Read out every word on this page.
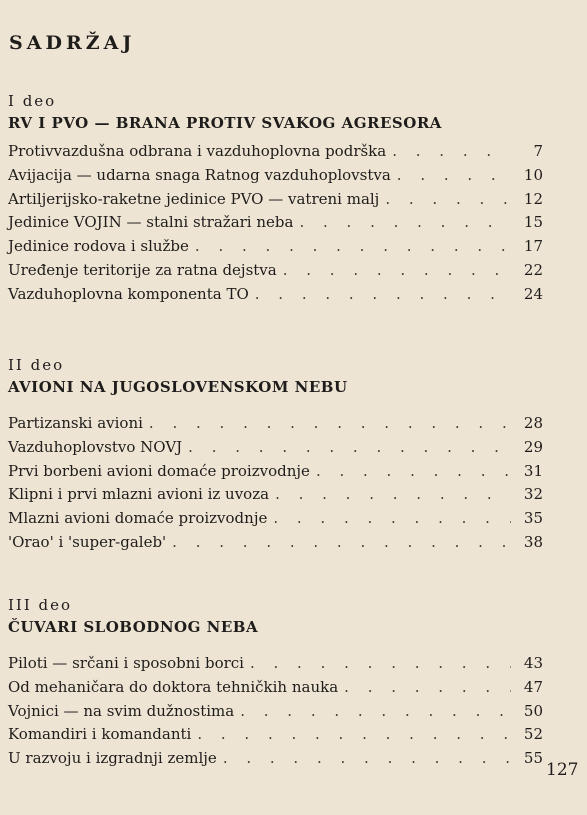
SADRŽAJ
I deo
RV I PVO — BRANA PROTIV SVAKOG AGRESORA
Protivvazdušna odbrana i vazduhoplovna podrška . . .	7
Avijacija — udarna snaga Ratnog vazduhoplovstva . . .	10
Artiljerijsko-raketne jedinice PVO — vatreni malj . . .	12
Jedinice VOJIN — stalni stražari neba . . .	15
Jedinice rodova i službe . . .	17
Uređenje teritorije za ratna dejstva . . .	22
Vazduhoplovna komponenta TO . . .	24
II deo
AVIONI NA JUGOSLOVENSKOM NEBU
Partizanski avioni . . .	28
Vazduhoplovstvo NOVJ . . .	29
Prvi borbeni avioni domaće proizvodnje . . .	31
Klipni i prvi mlazni avioni iz uvoza . . .	32
Mlazni avioni domaće proizvodnje . . .	35
'Orao' i 'super-galeb' . . .	38
III deo
ČUVARI SLOBODNOG NEBA
Piloti — srčani i sposobni borci . . .	43
Od mehaničara do doktora tehničkih nauka . . .	47
Vojnici — na svim dužnostima . . .	50
Komandiri i komandanti . . .	52
U razvoju i izgradnji zemlje . . .	55
127
